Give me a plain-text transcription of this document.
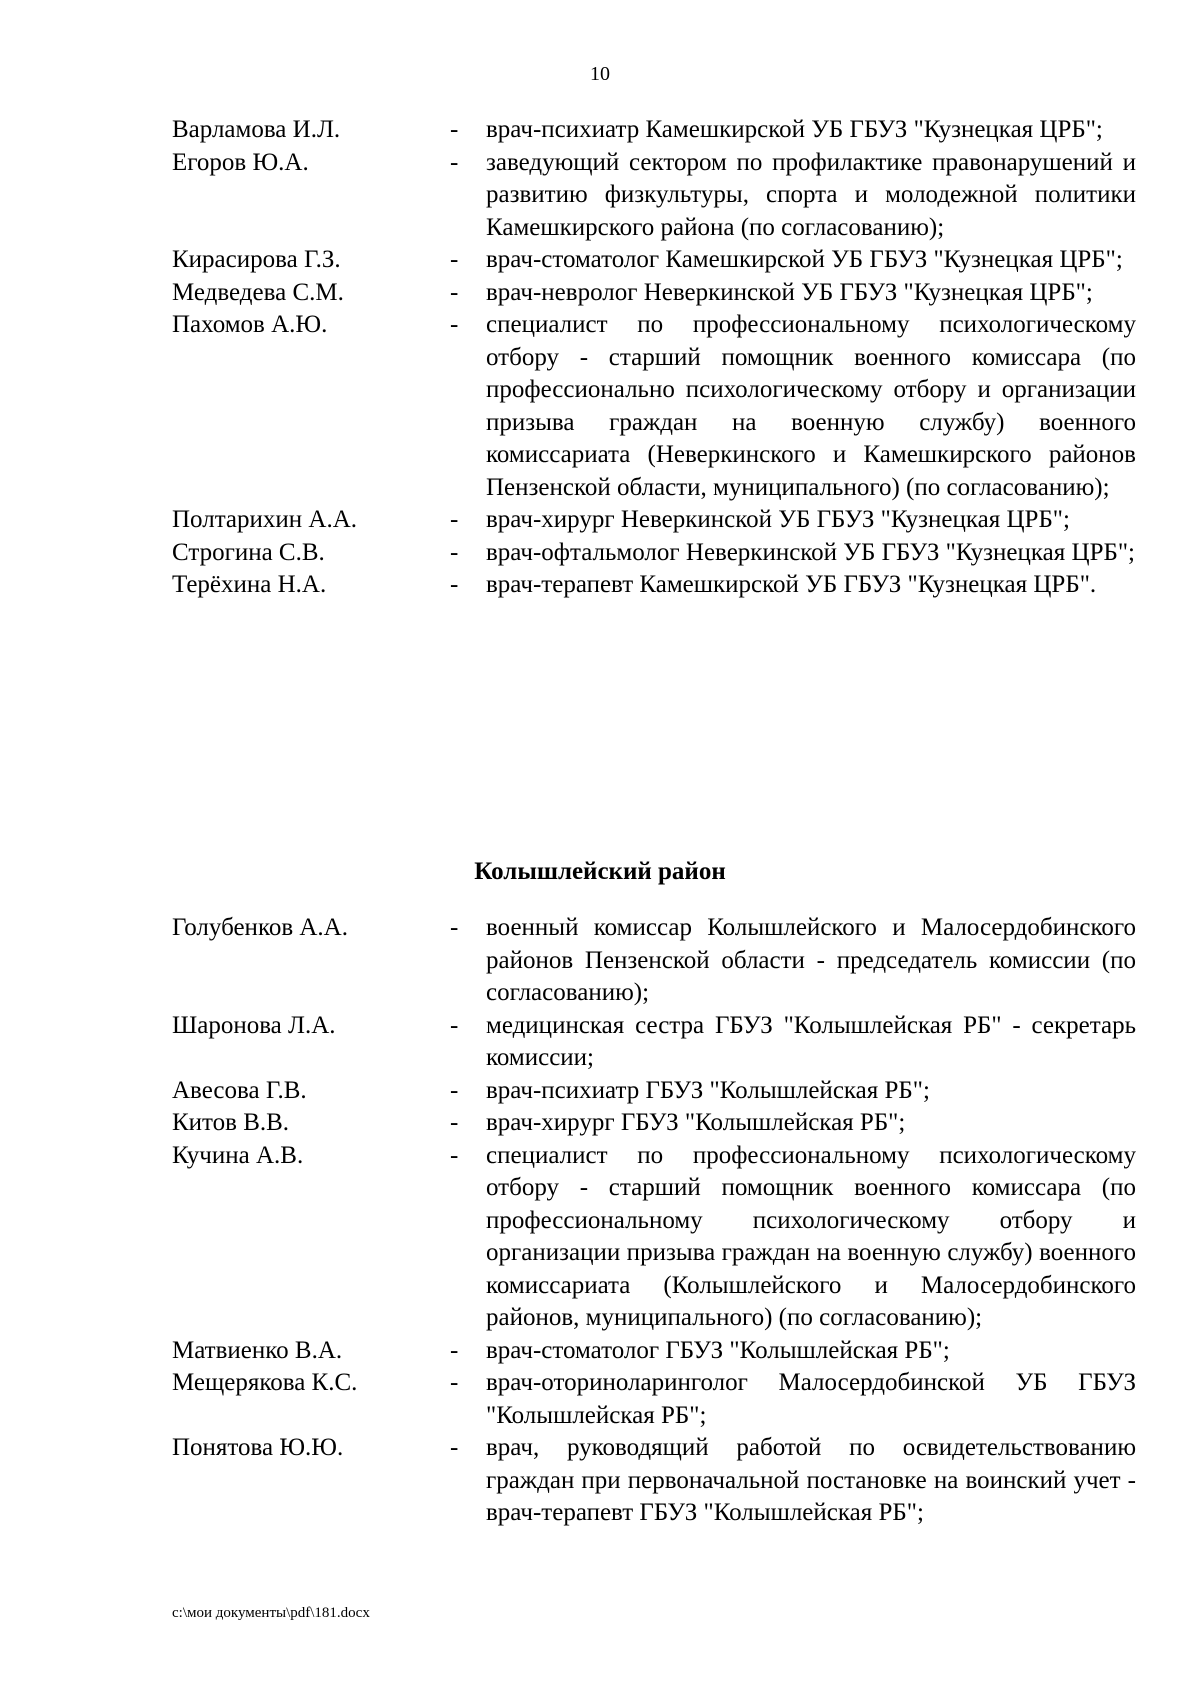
10
Варламова И.Л.	-	врач-психиатр Камешкирской УБ ГБУЗ "Кузнецкая ЦРБ";
Егоров Ю.А.	-	заведующий сектором по профилактике правонарушений и развитию физкультуры, спорта и молодежной политики Камешкирского района (по согласованию);
Кирасирова Г.З.	-	врач-стоматолог Камешкирской УБ ГБУЗ "Кузнецкая ЦРБ";
Медведева С.М.	-	врач-невролог Неверкинской УБ ГБУЗ "Кузнецкая ЦРБ";
Пахомов А.Ю.	-	специалист по профессиональному психологическому отбору - старший помощник военного комиссара (по профессионально психологическому отбору и организации призыва граждан на военную службу) военного комиссариата (Неверкинского и Камешкирского районов Пензенской области, муниципального) (по согласованию);
Полтарихин А.А.	-	врач-хирург Неверкинской УБ ГБУЗ "Кузнецкая ЦРБ";
Строгина С.В.	-	врач-офтальмолог Неверкинской УБ ГБУЗ "Кузнецкая ЦРБ";
Терёхина Н.А.	-	врач-терапевт Камешкирской УБ ГБУЗ "Кузнецкая ЦРБ".
Колышлейский район
Голубенков А.А.	-	военный комиссар Колышлейского и Малосердобинского районов Пензенской области - председатель комиссии (по согласованию);
Шаронова Л.А.	-	медицинская сестра ГБУЗ "Колышлейская РБ" - секретарь комиссии;
Авесова Г.В.	-	врач-психиатр ГБУЗ "Колышлейская РБ";
Китов В.В.	-	врач-хирург ГБУЗ "Колышлейская РБ";
Кучина А.В.	-	специалист по профессиональному психологическому отбору - старший помощник военного комиссара (по профессиональному психологическому отбору и организации призыва граждан на военную службу) военного комиссариата (Колышлейского и Малосердобинского районов, муниципального) (по согласованию);
Матвиенко В.А.	-	врач-стоматолог ГБУЗ "Колышлейская РБ";
Мещерякова К.С.	-	врач-оториноларинголог Малосердобинской УБ ГБУЗ "Колышлейская РБ";
Понятова Ю.Ю.	-	врач, руководящий работой по освидетельствованию граждан при первоначальной постановке на воинский учет - врач-терапевт ГБУЗ "Колышлейская РБ";
c:\мои документы\pdf\181.docx
